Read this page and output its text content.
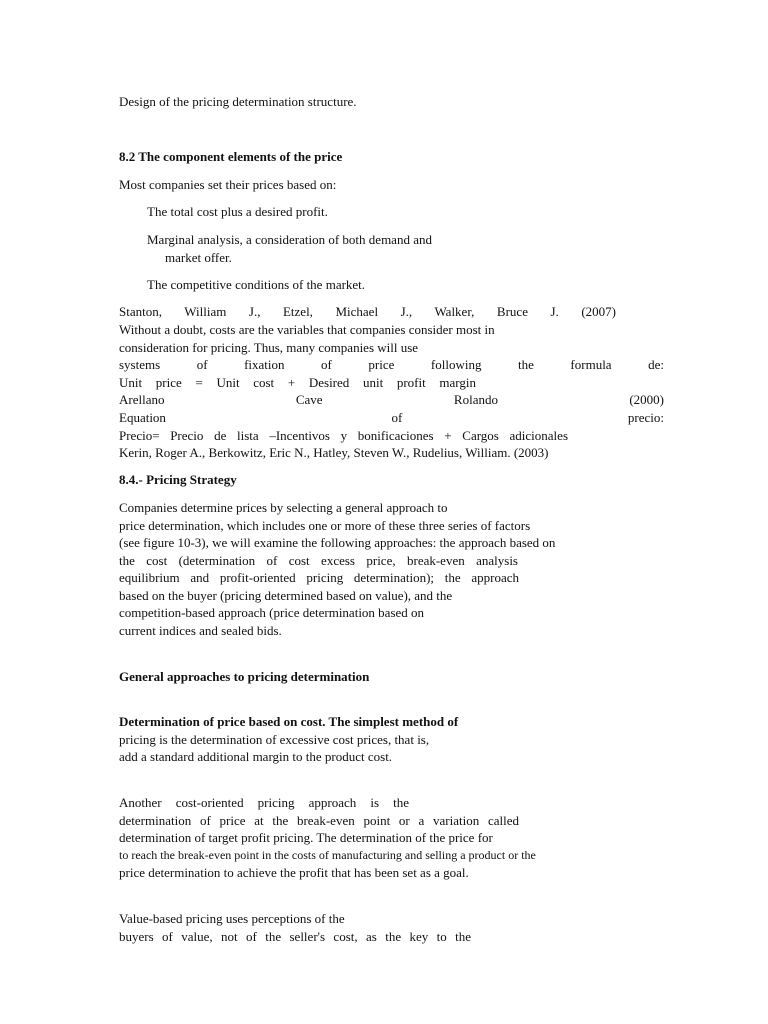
Design of the pricing determination structure.
8.2 The component elements of the price
Most companies set their prices based on:
The total cost plus a desired profit.
Marginal analysis, a consideration of both demand and
market offer.
The competitive conditions of the market.
Stanton, William J., Etzel, Michael J., Walker, Bruce J. (2007)
Without a doubt, costs are the variables that companies consider most in
consideration for pricing. Thus, many companies will use
systems of fixation of price following the formula de:
Unit price = Unit cost + Desired unit profit margin
Arellano Cave Rolando (2000)
Equation of precio:
Precio= Precio de lista –Incentivos y bonificaciones + Cargos adicionales
Kerin, Roger A., Berkowitz, Eric N., Hatley, Steven W., Rudelius, William. (2003)
8.4.- Pricing Strategy
Companies determine prices by selecting a general approach to
price determination, which includes one or more of these three series of factors
(see figure 10-3), we will examine the following approaches: the approach based on
the cost (determination of cost excess price, break-even analysis
equilibrium and profit-oriented pricing determination); the approach
based on the buyer (pricing determined based on value), and the
competition-based approach (price determination based on
current indices and sealed bids.
General approaches to pricing determination
Determination of price based on cost. The simplest method of
pricing is the determination of excessive cost prices, that is,
add a standard additional margin to the product cost.
Another cost-oriented pricing approach is the
determination of price at the break-even point or a variation called
determination of target profit pricing. The determination of the price for
to reach the break-even point in the costs of manufacturing and selling a product or the
price determination to achieve the profit that has been set as a goal.
Value-based pricing uses perceptions of the
buyers of value, not of the seller's cost, as the key to the
